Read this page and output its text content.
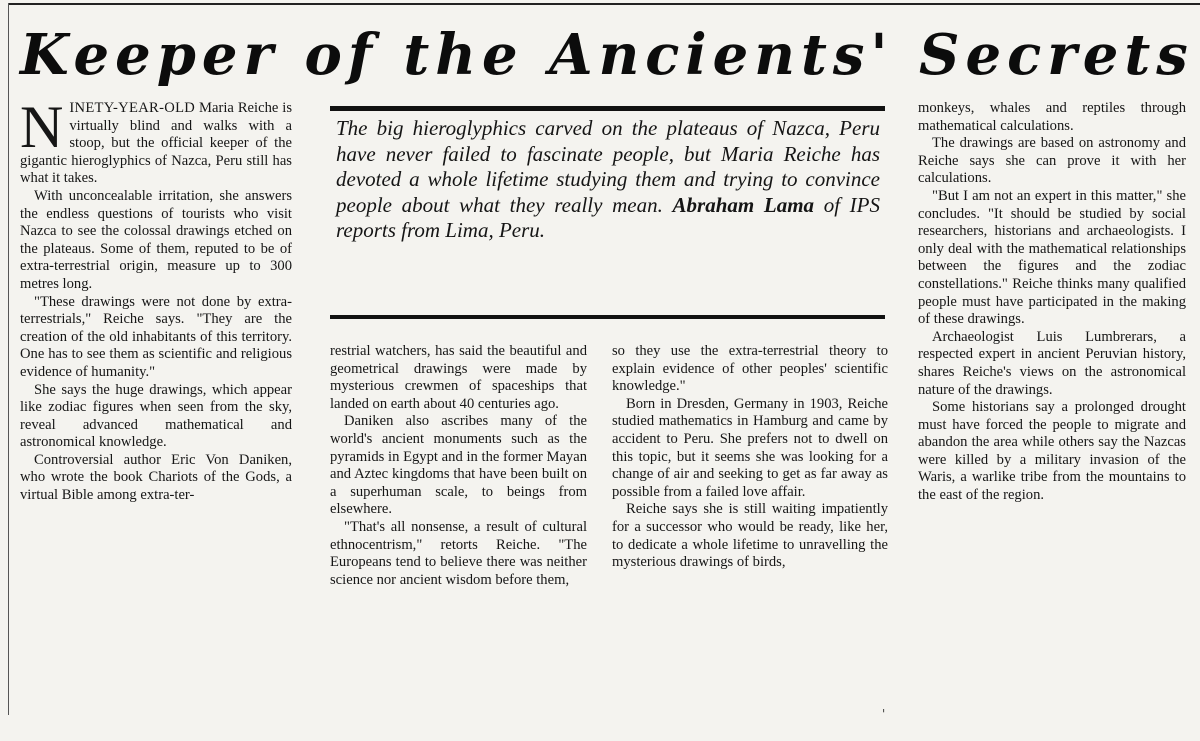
Keeper of the Ancients' Secrets
The big hieroglyphics carved on the plateaus of Nazca, Peru have never failed to fascinate people, but Maria Reiche has devoted a whole lifetime studying them and trying to convince people about what they really mean. Abraham Lama of IPS reports from Lima, Peru.

NINETY-YEAR-OLD Maria Reiche is virtually blind and walks with a stoop, but the official keeper of the gigantic hieroglyphics of Nazca, Peru still has what it takes.

With unconcealable irritation, she answers the endless questions of tourists who visit Nazca to see the colossal drawings etched on the plateaus. Some of them, reputed to be of extra-terrestrial origin, measure up to 300 metres long.

"These drawings were not done by extra-terrestrials," Reiche says. "They are the creation of the old inhabitants of this territory. One has to see them as scientific and religious evidence of humanity."

She says the huge drawings, which appear like zodiac figures when seen from the sky, reveal advanced mathematical and astronomical knowledge.

Controversial author Eric Von Daniken, who wrote the book Chariots of the Gods, a virtual Bible among extra-ter-

restrial watchers, has said the beautiful and geometrical drawings were made by mysterious crewmen of spaceships that landed on earth about 40 centuries ago.

Daniken also ascribes many of the world's ancient monuments such as the pyramids in Egypt and in the former Mayan and Aztec kingdoms that have been built on a superhuman scale, to beings from elsewhere.

"That's all nonsense, a result of cultural ethnocentrism," retorts Reiche. "The Europeans tend to believe there was neither science nor ancient wisdom before them,

so they use the extra-terrestrial theory to explain evidence of other peoples' scientific knowledge."

Born in Dresden, Germany in 1903, Reiche studied mathematics in Hamburg and came by accident to Peru. She prefers not to dwell on this topic, but it seems she was looking for a change of air and seeking to get as far away as possible from a failed love affair.

Reiche says she is still waiting impatiently for a successor who would be ready, like her, to dedicate a whole lifetime to unravelling the mysterious drawings of birds,

monkeys, whales and reptiles through mathematical calculations.

The drawings are based on astronomy and Reiche says she can prove it with her calculations.

"But I am not an expert in this matter," she concludes. "It should be studied by social researchers, historians and archaeologists. I only deal with the mathematical relationships between the figures and the zodiac constellations." Reiche thinks many qualified people must have participated in the making of these drawings.

Archaeologist Luis Lumbrerars, a respected expert in ancient Peruvian history, shares Reiche's views on the astronomical nature of the drawings.

Some historians say a prolonged drought must have forced the people to migrate and abandon the area while others say the Nazcas were killed by a military invasion of the Waris, a warlike tribe from the mountains to the east of the region.

'
